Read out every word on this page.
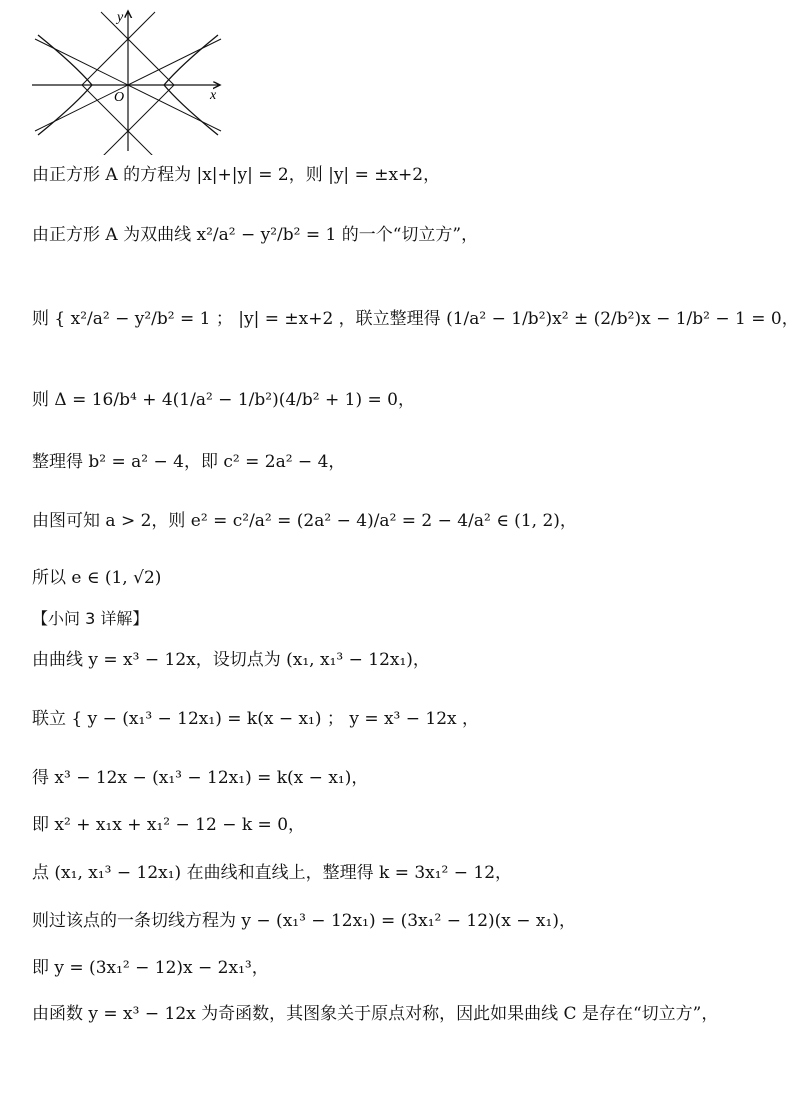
y
x
O
由正方形 A 的方程为 |x|+|y| = 2，则 |y| = ±x+2，
由正方形 A 为双曲线 x²/a² − y²/b² = 1 的一个“切立方”，
则 { x²/a² − y²/b² = 1 ； |y| = ±x+2 ，联立整理得 (1/a² − 1/b²)x² ± (2/b²)x − 1/b² − 1 = 0，
则 Δ = 16/b⁴ + 4(1/a² − 1/b²)(4/b² + 1) = 0，
整理得 b² = a² − 4，即 c² = 2a² − 4，
由图可知 a > 2，则 e² = c²/a² = (2a² − 4)/a² = 2 − 4/a² ∈ (1, 2)，
所以 e ∈ (1, √2)
【小问 3 详解】
由曲线 y = x³ − 12x，设切点为 (x₁, x₁³ − 12x₁)，
联立 { y − (x₁³ − 12x₁) = k(x − x₁) ； y = x³ − 12x ，
得 x³ − 12x − (x₁³ − 12x₁) = k(x − x₁)，
即 x² + x₁x + x₁² − 12 − k = 0，
点 (x₁, x₁³ − 12x₁) 在曲线和直线上，整理得 k = 3x₁² − 12，
则过该点的一条切线方程为 y − (x₁³ − 12x₁) = (3x₁² − 12)(x − x₁)，
即 y = (3x₁² − 12)x − 2x₁³，
由函数 y = x³ − 12x 为奇函数，其图象关于原点对称，因此如果曲线 C 是存在“切立方”，
